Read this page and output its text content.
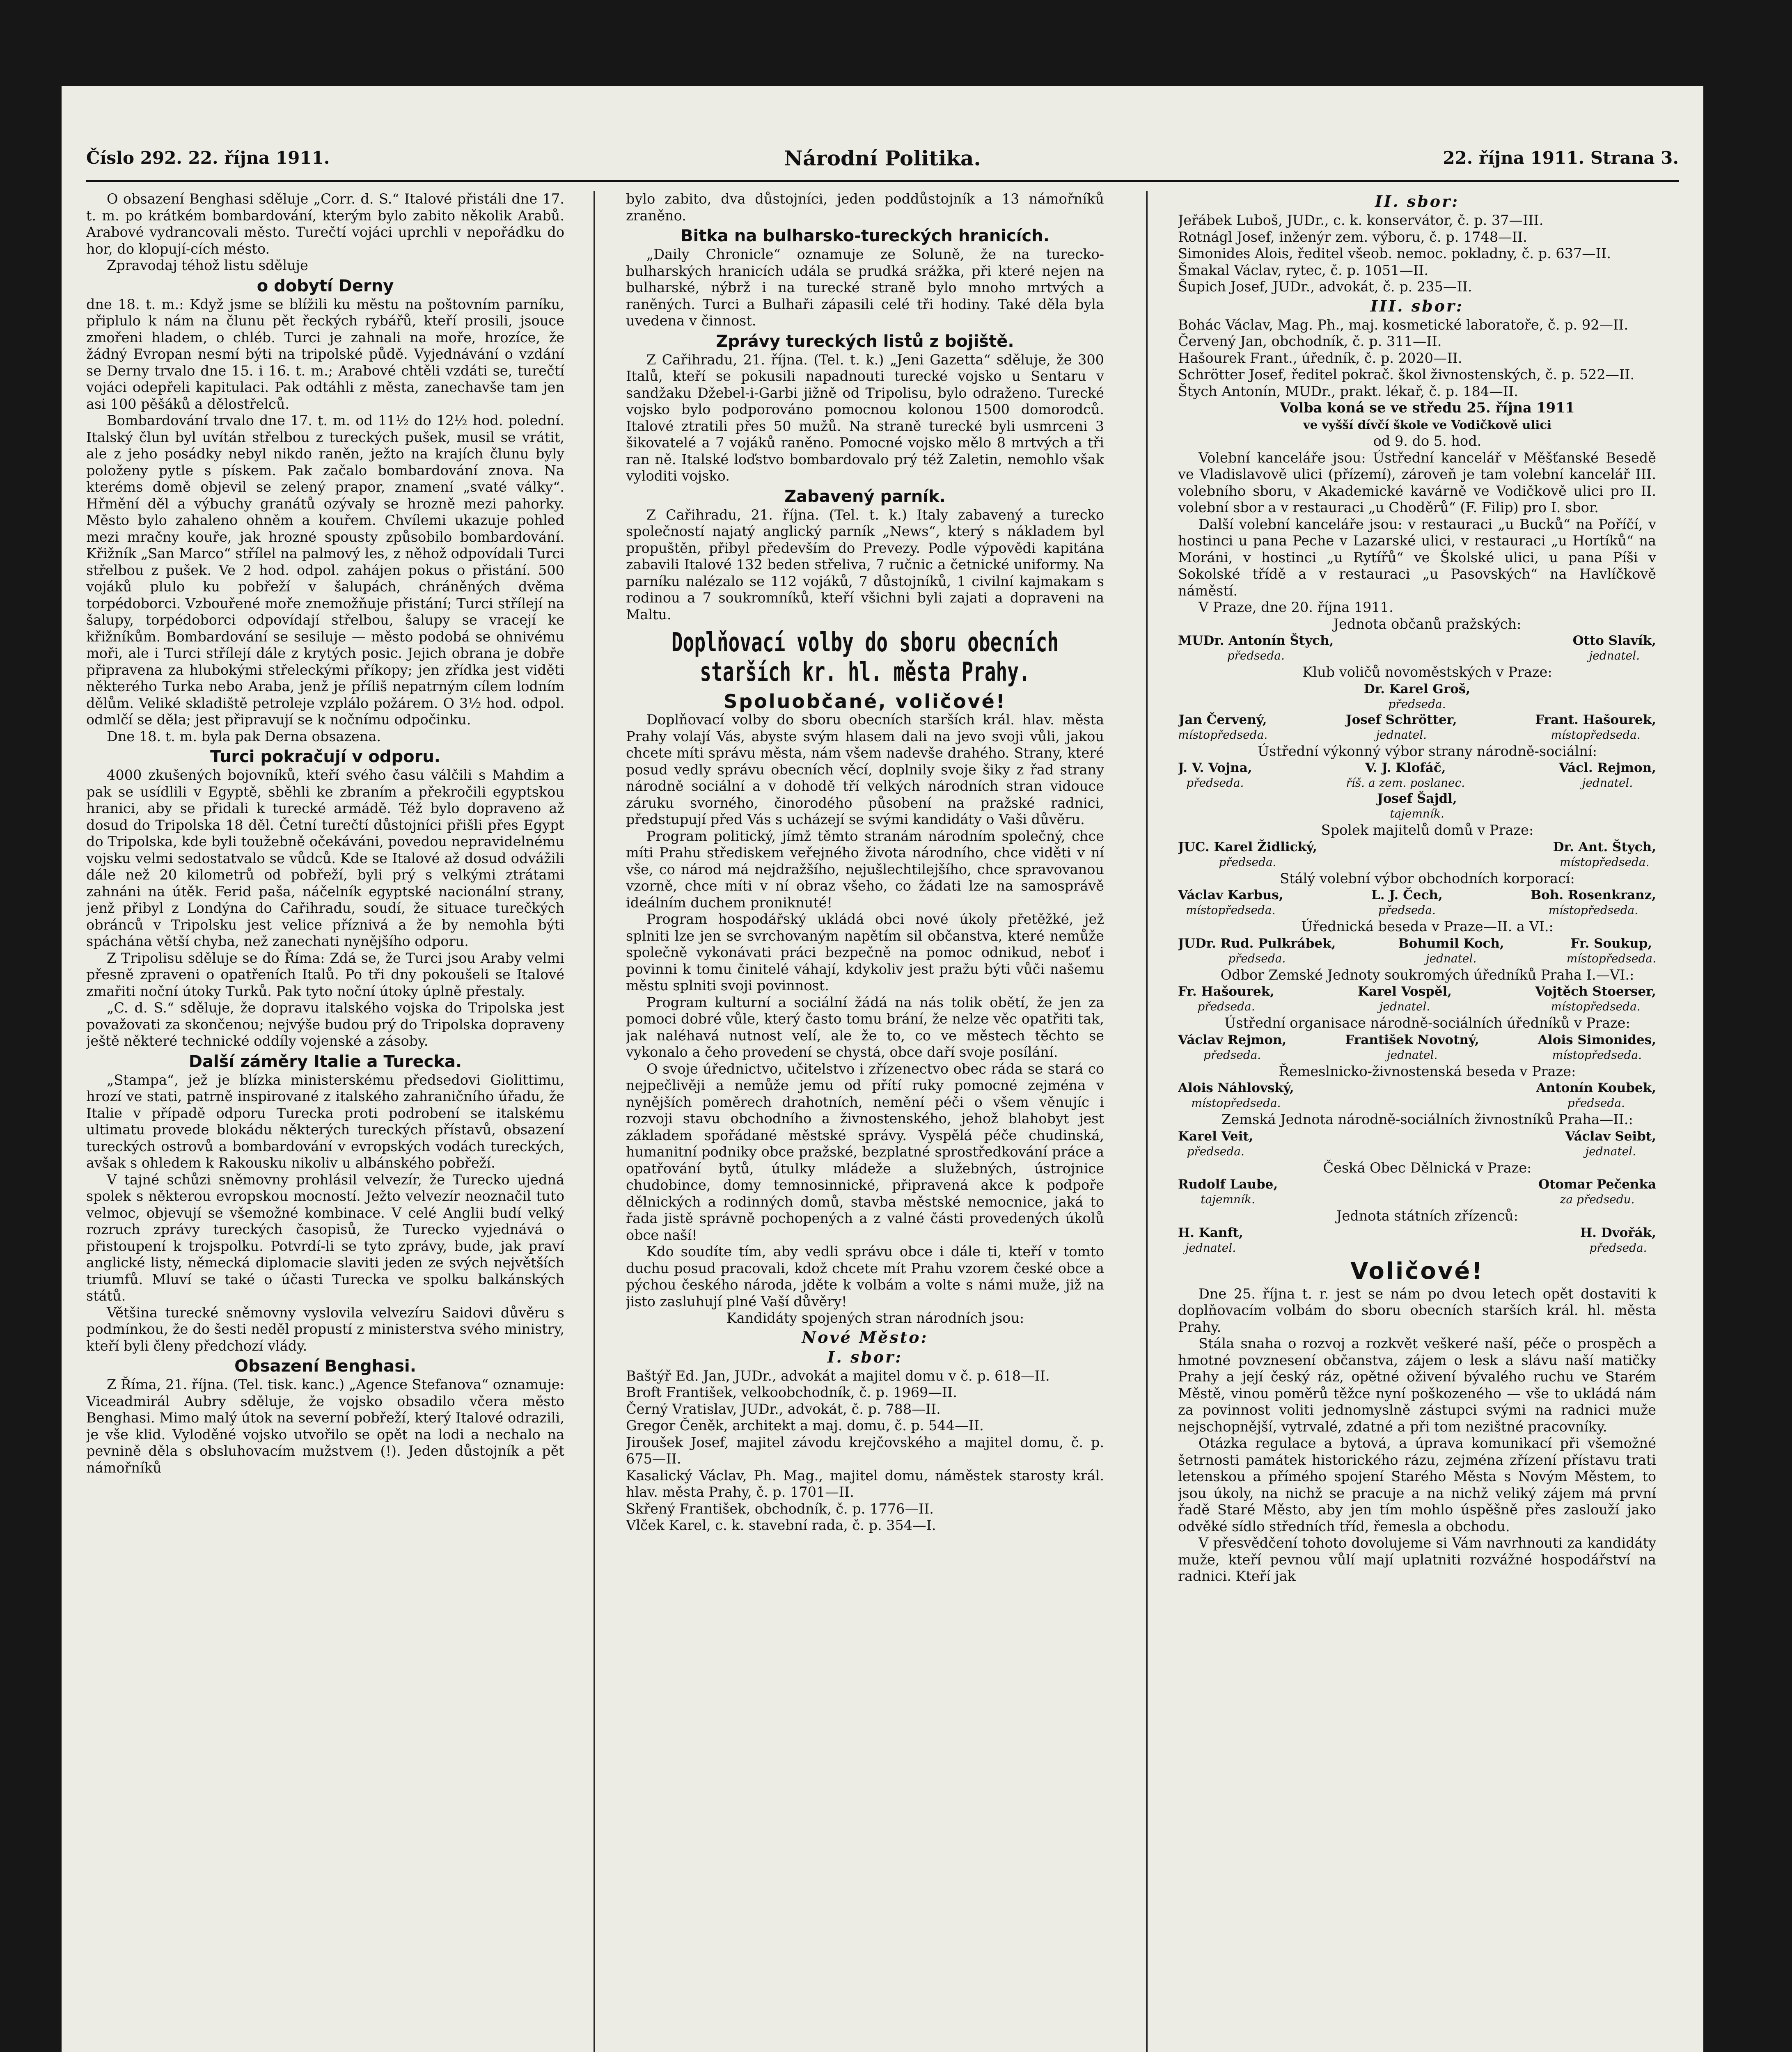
Číslo 292. 22. října 1911.	Národní Politika.	22. října 1911. Strana 3.

O obsazení Benghasi sděluje „Corr. d. S.“ Italové přistáli dne 17. t. m. po krátkém bombardování, kterým bylo zabito několik Arabů. Arabové vydrancovali město. Turečtí vojáci uprchli v nepořádku do hor, do klopují-cích mésto.

Zpravodaj téhož listu sděluje

o dobytí Derny

dne 18. t. m.: Když jsme se blížili ku městu na poštovním parníku, připlulo k nám na člunu pět řeckých rybářů, kteří prosili, jsouce zmořeni hladem, o chléb. Turci je zahnali na moře, hrozíce, že žádný Evropan nesmí býti na tripolské půdě. Vyjednávání o vzdání se Derny trvalo dne 15. i 16. t. m.; Arabové chtěli vzdáti se, turečtí vojáci odepřeli kapitulaci. Pak odtáhli z města, zanechavše tam jen asi 100 pěšáků a dělostřelců.

Bombardování trvalo dne 17. t. m. od 11½ do 12½ hod. polední. Italský člun byl uvítán střelbou z tureckých pušek, musil se vrátit, ale z jeho posádky nebyl nikdo raněn, ježto na krajích člunu byly položeny pytle s pískem. Pak začalo bombardování znova. Na kteréms domě objevil se zelený prapor, znamení „svaté války“. Hřmění děl a výbuchy granátů ozývaly se hrozně mezi pahorky. Město bylo zahaleno ohněm a kouřem. Chvílemi ukazuje pohled mezi mračny kouře, jak hrozné spousty způsobilo bombardování. Křižník „San Marco“ střílel na palmový les, z něhož odpovídali Turci střelbou z pušek. Ve 2 hod. odpol. zahájen pokus o přistání. 500 vojáků plulo ku pobřeží v šalupách, chráněných dvěma torpédoborci. Vzbouřené moře znemožňuje přistání; Turci střílejí na šalupy, torpédoborci odpovídají střelbou, šalupy se vracejí ke křižníkům. Bombardování se sesiluje — město podobá se ohnivému moři, ale i Turci střílejí dále z krytých posic. Jejich obrana je dobře připravena za hlubokými střeleckými příkopy; jen zřídka jest viděti některého Turka nebo Araba, jenž je příliš nepatrným cílem lodním dělům. Veliké skladiště petroleje vzplálo požárem. O 3½ hod. odpol. odmlčí se děla; jest připravují se k nočnímu odpočinku.

Dne 18. t. m. byla pak Derna obsazena.

Turci pokračují v odporu.

4000 zkušených bojovníků, kteří svého času válčili s Mahdim a pak se usídlili v Egyptě, sběhli ke zbraním a překročili egyptskou hranici, aby se přidali k turecké armádě. Též bylo dopraveno až dosud do Tripolska 18 děl. Četní turečtí důstojníci přišli přes Egypt do Tripolska, kde byli toužebně očekáváni, povedou nepravidelnému vojsku velmi sedostatvalo se vůdců. Kde se Italové až dosud odvážili dále než 20 kilometrů od pobřeží, byli prý s velkými ztrátami zahnáni na útěk. Ferid paša, náčelník egyptské nacionální strany, jenž přibyl z Londýna do Cařihradu, soudí, že situace turečkých obránců v Tripolsku jest velice příznivá a že by nemohla býti spáchána větší chyba, než zanechati nynějšího odporu.

Z Tripolisu sděluje se do Říma: Zdá se, že Turci jsou Araby velmi přesně zpraveni o opatřeních Italů. Po tři dny pokoušeli se Italové zmařiti noční útoky Turků. Pak tyto noční útoky úplně přestaly.

„C. d. S.“ sděluje, že dopravu italského vojska do Tripolska jest považovati za skončenou; nejvýše budou prý do Tripolska dopraveny ještě některé technické oddíly vojenské a zásoby.

Další záměry Italie a Turecka.

„Stampa“, jež je blízka ministerskému předsedovi Giolittimu, hrozí ve stati, patrně inspirované z italského zahraničního úřadu, že Italie v případě odporu Turecka proti podrobení se italskému ultimatu provede blokádu některých tureckých přístavů, obsazení tureckých ostrovů a bombardování v evropských vodách tureckých, avšak s ohledem k Rakousku nikoliv u albánského pobřeží.

V tajné schůzi sněmovny prohlásil velvezír, že Turecko ujedná spolek s některou evropskou mocností. Ježto velvezír neoznačil tuto velmoc, objevují se všemožné kombinace. V celé Anglii budí velký rozruch zprávy tureckých časopisů, že Turecko vyjednává o přistoupení k trojspolku. Potvrdí-li se tyto zprávy, bude, jak praví anglické listy, německá diplomacie slaviti jeden ze svých největších triumfů. Mluví se také o účasti Turecka ve spolku balkánských států.

Většina turecké sněmovny vyslovila velvezíru Saidovi důvěru s podmínkou, že do šesti neděl propustí z ministerstva svého ministry, kteří byli členy předchozí vlády.

Obsazení Benghasi.

Z Říma, 21. října. (Tel. tisk. kanc.) „Agence Stefanova“ oznamuje: Viceadmirál Aubry sděluje, že vojsko obsadilo včera město Benghasi. Mimo malý útok na severní pobřeží, který Italové odrazili, je vše klid. Vyloděné vojsko utvořilo se opět na lodi a nechalo na pevnině děla s obsluhovacím mužstvem (!). Jeden důstojník a pět námořníků

bylo zabito, dva důstojníci, jeden poddůstojník a 13 námořníků zraněno.

Bitka na bulharsko-tureckých hranicích.

„Daily Chronicle“ oznamuje ze Soluně, že na turecko-bulharských hranicích udála se prudká srážka, při které nejen na bulharské, nýbrž i na turecké straně bylo mnoho mrtvých a raněných. Turci a Bulhaři zápasili celé tři hodiny. Také děla byla uvedena v činnost.

Zprávy tureckých listů z bojiště.

Z Cařihradu, 21. října. (Tel. t. k.) „Jeni Gazetta“ sděluje, že 300 Italů, kteří se pokusili napadnouti turecké vojsko u Sentaru v sandžaku Džebel-i-Garbi jižně od Tripolisu, bylo odraženo. Turecké vojsko bylo podporováno pomocnou kolonou 1500 domorodců. Italové ztratili přes 50 mužů. Na straně turecké byli usmrceni 3 šikovatelé a 7 vojáků raněno. Pomocné vojsko mělo 8 mrtvých a tři ran ně. Italské loďstvo bombardovalo prý též Zaletin, nemohlo však vyloditi vojsko.

Zabavený parník.

Z Cařihradu, 21. října. (Tel. t. k.) Italy zabavený a turecko společností najatý anglický parník „News“, který s nákladem byl propuštěn, přibyl především do Prevezy. Podle výpovědi kapitána zabavili Italové 132 beden střeliva, 7 ručnic a četnické uniformy. Na parníku nalézalo se 112 vojáků, 7 důstojníků, 1 civilní kajmakam s rodinou a 7 soukromníků, kteří všichni byli zajati a dopraveni na Maltu.

Doplňovací volby do sboru obecních starších kr. hl. města Prahy.
Spoluobčané, voličové!

Doplňovací volby do sboru obecních starších král. hlav. města Prahy volají Vás, abyste svým hlasem dali na jevo svoji vůli, jakou chcete míti správu města, nám všem nadevše drahého. Strany, které posud vedly správu obecních věcí, doplnily svoje šiky z řad strany národně sociální a v dohodě tří velkých národních stran vidouce záruku svorného, činorodého působení na pražské radnici, předstupují před Vás s ucházejí se svými kandidáty o Vaši důvěru.

Program politický, jímž těmto stranám národním společný, chce míti Prahu střediskem veřejného života národního, chce viděti v ní vše, co národ má nejdražšího, nejušlechtilejšího, chce spravovanou vzorně, chce míti v ní obraz všeho, co žádati lze na samosprávě ideálním duchem proniknuté!

Program hospodářský ukládá obci nové úkoly přetěžké, jež splniti lze jen se svrchovaným napětím sil občanstva, které nemůže společně vykonávati práci bezpečně na pomoc odnikud, neboť i povinni k tomu činitelé váhají, kdykoliv jest pražu býti vůči našemu městu splniti svoji povinnost.

Program kulturní a sociální žádá na nás tolik obětí, že jen za pomoci dobré vůle, který často tomu brání, že nelze věc opatřiti tak, jak naléhavá nutnost velí, ale že to, co ve městech těchto se vykonalo a čeho provedení se chystá, obce daří svoje posílání.

O svoje úřednictvo, učitelstvo i zřízenectvo obec ráda se stará co nejpečlivěji a nemůže jemu od přítí ruky pomocné zejména v nynějších poměrech drahotních, nemění péči o všem věnujíc i rozvoji stavu obchodního a živnostenského, jehož blahobyt jest základem spořádané městské správy. Vyspělá péče chudinská, humanitní podniky obce pražské, bezplatné sprostředkování práce a opatřování bytů, útulky mládeže a služebných, ústrojnice chudobince, domy temnosinnické, připravená akce k podpoře dělnických a rodinných domů, stavba městské nemocnice, jaká to řada jistě správně pochopených a z valné části provedených úkolů obce naší!

Kdo soudíte tím, aby vedli správu obce i dále ti, kteří v tomto duchu posud pracovali, kdož chcete mít Prahu vzorem české obce a pýchou českého národa, jděte k volbám a volte s námi muže, již na jisto zasluhují plné Vaší důvěry!

Kandidáty spojených stran národních jsou:

Nové Město:
I. sbor:

Baštýř Ed. Jan, JUDr., advokát a majitel domu v č. p. 618—II.

Broft František, velkoobchodník, č. p. 1969—II.

Černý Vratislav, JUDr., advokát, č. p. 788—II.

Gregor Čeněk, architekt a maj. domu, č. p. 544—II.

Jiroušek Josef, majitel závodu krejčovského a majitel domu, č. p. 675—II.

Kasalický Václav, Ph. Mag., majitel domu, náměstek starosty král. hlav. města Prahy, č. p. 1701—II.

Skřený František, obchodník, č. p. 1776—II.

Vlček Karel, c. k. stavební rada, č. p. 354—I.

II. sbor:

Jeřábek Luboš, JUDr., c. k. konservátor, č. p. 37—III.

Rotnágl Josef, inženýr zem. výboru, č. p. 1748—II.

Simonides Alois, ředitel všeob. nemoc. pokladny, č. p. 637—II.

Šmakal Václav, rytec, č. p. 1051—II.

Šupich Josef, JUDr., advokát, č. p. 235—II.

III. sbor:

Bohác Václav, Mag. Ph., maj. kosmetické laboratoře, č. p. 92—II.

Červený Jan, obchodník, č. p. 311—II.

Hašourek Frant., úředník, č. p. 2020—II.

Schrötter Josef, ředitel pokrač. škol živnostenských, č. p. 522—II.

Štych Antonín, MUDr., prakt. lékař, č. p. 184—II.

Volba koná se ve středu 25. října 1911

ve vyšší dívčí škole ve Vodičkově ulici

od 9. do 5. hod.

Volební kanceláře jsou: Ústřední kancelář v Měšťanské Besedě ve Vladislavově ulici (přízemí), zároveň je tam volební kancelář III. volebního sboru, v Akademické kavárně ve Vodičkově ulici pro II. volební sbor a v restauraci „u Choděrů“ (F. Filip) pro I. sbor.

Další volební kanceláře jsou: v restauraci „u Bucků“ na Poříčí, v hostinci u pana Peche v Lazarské ulici, v restauraci „u Hortíků“ na Moráni, v hostinci „u Rytířů“ ve Školské ulici, u pana Píši v Sokolské třídě a v restauraci „u Pasovských“ na Havlíčkově náměstí.

V Praze, dne 20. října 1911.

Jednota občanů pražských:

MUDr. Antonín Štych,
předseda.
Otto Slavík,
jednatel.

Klub voličů novoměstských v Praze:

Dr. Karel Groš,
předseda.
Jan Červený,
místopředseda.
Josef Schrötter,
jednatel.
Frant. Hašourek,
místopředseda.

Ústřední výkonný výbor strany národně-sociální:

J. V. Vojna,
předseda.
V. J. Klofáč,
říš. a zem. poslanec.
Václ. Rejmon,
jednatel.
Josef Šajdl,
tajemník.

Spolek majitelů domů v Praze:

JUC. Karel Židlický,
předseda.
Dr. Ant. Štych,
místopředseda.

Stálý volební výbor obchodních korporací:

Václav Karbus,
místopředseda.
L. J. Čech,
předseda.
Boh. Rosenkranz,
místopředseda.

Úřednická beseda v Praze—II. a VI.:

JUDr. Rud. Pulkrábek,
předseda.
Bohumil Koch,
jednatel.
Fr. Soukup,
místopředseda.

Odbor Zemské Jednoty soukromých úředníků Praha I.—VI.:

Fr. Hašourek,
předseda.
Karel Vospěl,
jednatel.
Vojtěch Stoerser,
místopředseda.

Ústřední organisace národně-sociálních úředníků v Praze:

Václav Rejmon,
předseda.
František Novotný,
jednatel.
Alois Simonides,
místopředseda.

Řemeslnicko-živnostenská beseda v Praze:

Alois Náhlovský,
místopředseda.
Antonín Koubek,
předseda.

Zemská Jednota národně-sociálních živnostníků Praha—II.:

Karel Veit,
předseda.
Václav Seibt,
jednatel.

Česká Obec Dělnická v Praze:

Rudolf Laube,
tajemník.
Otomar Pečenka
za předsedu.

Jednota státních zřízenců:

H. Kanft,
jednatel.
H. Dvořák,
předseda.
Voličové!

Dne 25. října t. r. jest se nám po dvou letech opět dostaviti k doplňovacím volbám do sboru obecních starších král. hl. města Prahy.

Stála snaha o rozvoj a rozkvět veškeré naší, péče o prospěch a hmotné povznesení občanstva, zájem o lesk a slávu naší matičky Prahy a její český ráz, opětné oživení bývalého ruchu ve Starém Městě, vinou poměrů těžce nyní poškozeného — vše to ukládá nám za povinnost voliti jednomyslně zástupci svými na radnici muže nejschopnější, vytrvalé, zdatné a při tom nezištné pracovníky.

Otázka regulace a bytová, a úprava komunikací při všemožné šetrnosti památek historického rázu, zejména zřízení přístavu trati letenskou a přímého spojení Starého Města s Novým Městem, to jsou úkoly, na nichž se pracuje a na nichž veliký zájem má první řadě Staré Město, aby jen tím mohlo úspěšně přes zaslouží jako odvěké sídlo středních tříd, řemesla a obchodu.

V přesvědčení tohoto dovolujeme si Vám navrhnouti za kandidáty muže, kteří pevnou vůlí mají uplatniti rozvážné hospodářství na radnici. Kteří jak
